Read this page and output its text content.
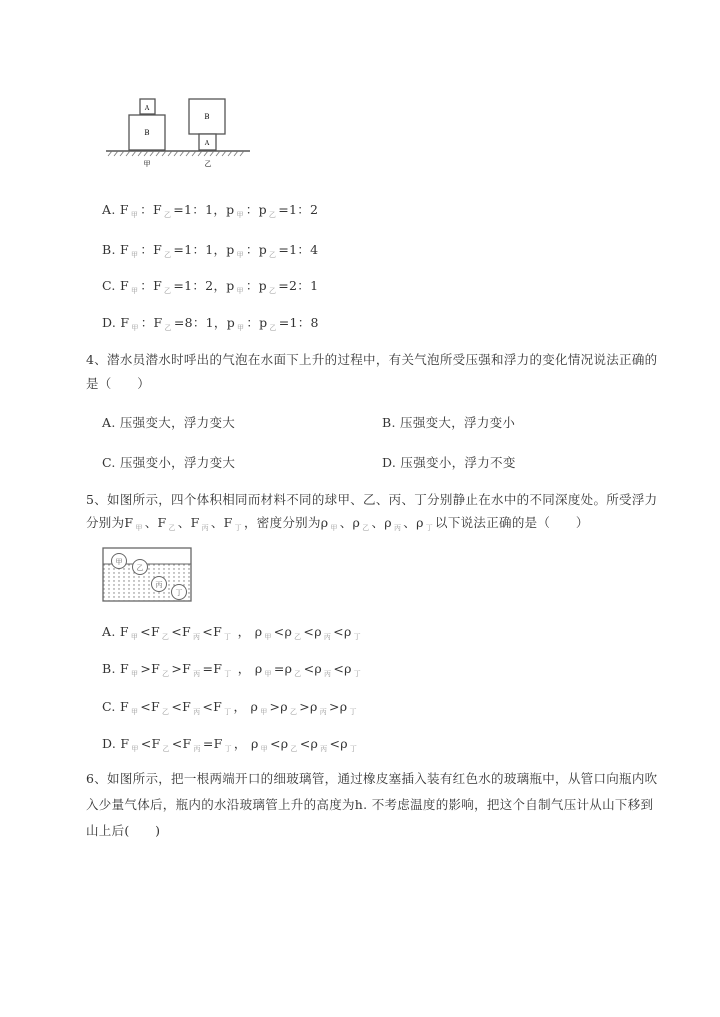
A
B
B
A
甲	乙
A. F $_甲$ ：F $_乙$ =1：1，p $_甲$ ：p $_乙$ =1：2
B. F $_甲$ ：F $_乙$ =1：1，p $_甲$ ：p $_乙$ =1：4
C. F $_甲$ ：F $_乙$ =1：2，p $_甲$ ：p $_乙$ =2：1
D. F $_甲$ ：F $_乙$ =8：1，p $_甲$ ：p $_乙$ =1：8
4、潜水员潜水时呼出的气泡在水面下上升的过程中，有关气泡所受压强和浮力的变化情况说法正确的
是（　　）
A. 压强变大，浮力变大	B. 压强变大，浮力变小
C. 压强变小，浮力变大	D. 压强变小，浮力不变
5、如图所示，四个体积相同而材料不同的球甲、乙、丙、丁分别静止在水中的不同深度处。所受浮力
分别为F $_甲$ 、F $_乙$ 、F $_丙$ 、F $_丁$ ，密度分别为ρ $_甲$ 、ρ $_乙$ 、ρ $_丙$ 、ρ $_丁$ 以下说法正确的是（　　）
甲
乙
丙
丁
A. F $_甲$ <F $_乙$ <F $_丙$ <F $_丁$ ， ρ $_甲$ <ρ $_乙$ <ρ $_丙$ <ρ $_丁$
B. F $_甲$ >F $_乙$ >F $_丙$ =F $_丁$ ， ρ $_甲$ =ρ $_乙$ <ρ $_丙$ <ρ $_丁$
C. F $_甲$ <F $_乙$ <F $_丙$ <F $_丁$ ， ρ $_甲$ >ρ $_乙$ >ρ $_丙$ >ρ $_丁$
D. F $_甲$ <F $_乙$ <F $_丙$ =F $_丁$ ， ρ $_甲$ <ρ $_乙$ <ρ $_丙$ <ρ $_丁$
6、如图所示，把一根两端开口的细玻璃管，通过橡皮塞插入装有红色水的玻璃瓶中，从管口向瓶内吹
入少量气体后，瓶内的水沿玻璃管上升的高度为h. 不考虑温度的影响，把这个自制气压计从山下移到
山上后(　　)
